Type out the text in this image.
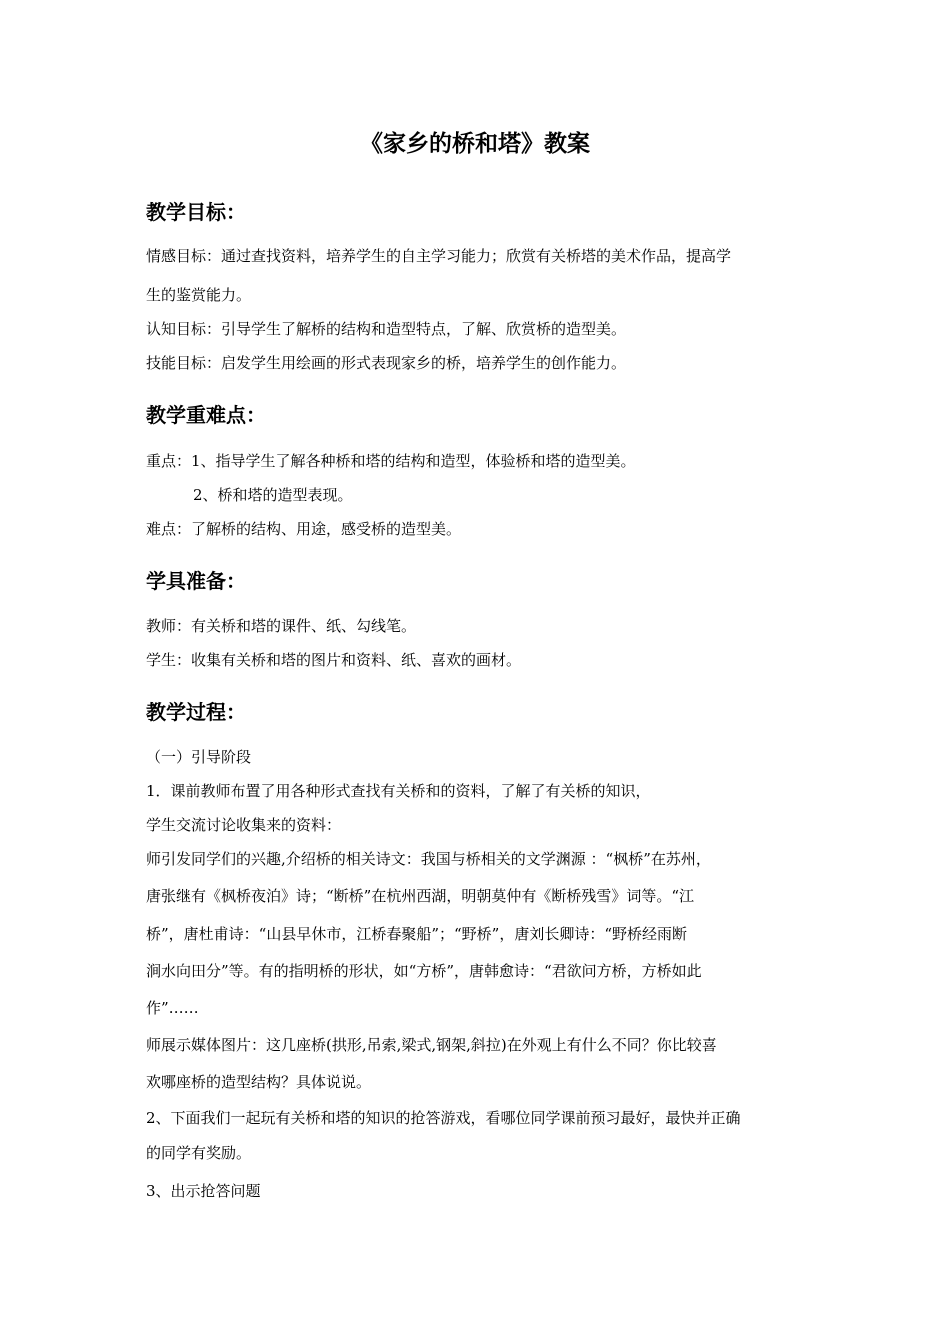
《家乡的桥和塔》教案
教学目标：
情感目标：通过查找资料，培养学生的自主学习能力；欣赏有关桥塔的美术作品，提高学
生的鉴赏能力。
认知目标：引导学生了解桥的结构和造型特点，了解、欣赏桥的造型美。
技能目标：启发学生用绘画的形式表现家乡的桥，培养学生的创作能力。
教学重难点：
重点：1、指导学生了解各种桥和塔的结构和造型，体验桥和塔的造型美。
2、桥和塔的造型表现。
难点：了解桥的结构、用途，感受桥的造型美。
学具准备：
教师：有关桥和塔的课件、纸、勾线笔。
学生：收集有关桥和塔的图片和资料、纸、喜欢的画材。
教学过程：
（一）引导阶段
1．课前教师布置了用各种形式查找有关桥和的资料，了解了有关桥的知识，
学生交流讨论收集来的资料：
师引发同学们的兴趣,介绍桥的相关诗文：我国与桥相关的文学渊源 ：“枫桥”在苏州，
唐张继有《枫桥夜泊》诗；“断桥”在杭州西湖，明朝莫仲有《断桥残雪》词等。“江
桥”，唐杜甫诗：“山县早休市，江桥春聚船”；“野桥”，唐刘长卿诗：“野桥经雨断
涧水向田分”等。有的指明桥的形状，如“方桥”，唐韩愈诗：“君欲问方桥，方桥如此
作”……
师展示媒体图片：这几座桥(拱形,吊索,梁式,钢架,斜拉)在外观上有什么不同？你比较喜
欢哪座桥的造型结构？具体说说。
2、下面我们一起玩有关桥和塔的知识的抢答游戏，看哪位同学课前预习最好，最快并正确
的同学有奖励。
3、出示抢答问题
